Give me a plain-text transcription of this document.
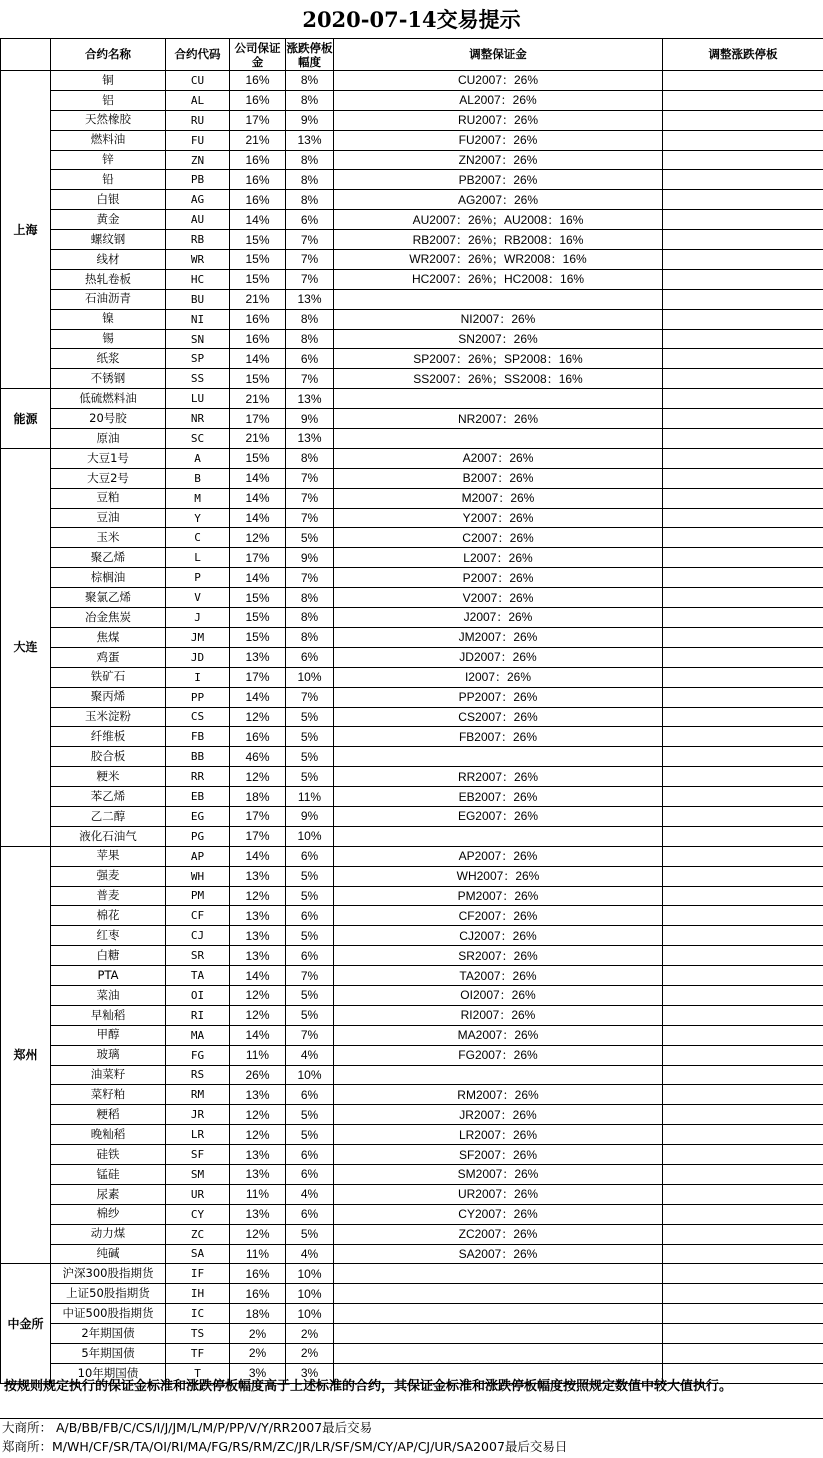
2020-07-14交易提示
	合约名称	合约代码	公司保证金	涨跌停板幅度	调整保证金	调整涨跌停板
上海	铜	CU	16%	8%	CU2007：26%	
	铝	AL	16%	8%	AL2007：26%	
	天然橡胶	RU	17%	9%	RU2007：26%	
	燃料油	FU	21%	13%	FU2007：26%	
	锌	ZN	16%	8%	ZN2007：26%	
	铅	PB	16%	8%	PB2007：26%	
	白银	AG	16%	8%	AG2007：26%	
	黄金	AU	14%	6%	AU2007：26%；AU2008：16%	
	螺纹钢	RB	15%	7%	RB2007：26%；RB2008：16%	
	线材	WR	15%	7%	WR2007：26%；WR2008：16%	
	热轧卷板	HC	15%	7%	HC2007：26%；HC2008：16%	
	石油沥青	BU	21%	13%		
	镍	NI	16%	8%	NI2007：26%	
	锡	SN	16%	8%	SN2007：26%	
	纸浆	SP	14%	6%	SP2007：26%；SP2008：16%	
	不锈钢	SS	15%	7%	SS2007：26%；SS2008：16%	
能源	低硫燃料油	LU	21%	13%		
	20号胶	NR	17%	9%	NR2007：26%	
	原油	SC	21%	13%		
大连	大豆1号	A	15%	8%	A2007：26%	
	大豆2号	B	14%	7%	B2007：26%	
	豆粕	M	14%	7%	M2007：26%	
	豆油	Y	14%	7%	Y2007：26%	
	玉米	C	12%	5%	C2007：26%	
	聚乙烯	L	17%	9%	L2007：26%	
	棕榈油	P	14%	7%	P2007：26%	
	聚氯乙烯	V	15%	8%	V2007：26%	
	冶金焦炭	J	15%	8%	J2007：26%	
	焦煤	JM	15%	8%	JM2007：26%	
	鸡蛋	JD	13%	6%	JD2007：26%	
	铁矿石	I	17%	10%	I2007：26%	
	聚丙烯	PP	14%	7%	PP2007：26%	
	玉米淀粉	CS	12%	5%	CS2007：26%	
	纤维板	FB	16%	5%	FB2007：26%	
	胶合板	BB	46%	5%		
	粳米	RR	12%	5%	RR2007：26%	
	苯乙烯	EB	18%	11%	EB2007：26%	
	乙二醇	EG	17%	9%	EG2007：26%	
	液化石油气	PG	17%	10%		
郑州	苹果	AP	14%	6%	AP2007：26%	
	强麦	WH	13%	5%	WH2007：26%	
	普麦	PM	12%	5%	PM2007：26%	
	棉花	CF	13%	6%	CF2007：26%	
	红枣	CJ	13%	5%	CJ2007：26%	
	白糖	SR	13%	6%	SR2007：26%	
	PTA	TA	14%	7%	TA2007：26%	
	菜油	OI	12%	5%	OI2007：26%	
	早籼稻	RI	12%	5%	RI2007：26%	
	甲醇	MA	14%	7%	MA2007：26%	
	玻璃	FG	11%	4%	FG2007：26%	
	油菜籽	RS	26%	10%		
	菜籽粕	RM	13%	6%	RM2007：26%	
	粳稻	JR	12%	5%	JR2007：26%	
	晚籼稻	LR	12%	5%	LR2007：26%	
	硅铁	SF	13%	6%	SF2007：26%	
	锰硅	SM	13%	6%	SM2007：26%	
	尿素	UR	11%	4%	UR2007：26%	
	棉纱	CY	13%	6%	CY2007：26%	
	动力煤	ZC	12%	5%	ZC2007：26%	
	纯碱	SA	11%	4%	SA2007：26%	
中金所	沪深300股指期货	IF	16%	10%		
	上证50股指期货	IH	16%	10%		
	中证500股指期货	IC	18%	10%		
	2年期国债	TS	2%	2%		
	5年期国债	TF	2%	2%		
	10年期国债	T	3%	3%		
按规则规定执行的保证金标准和涨跌停板幅度高于上述标准的合约，其保证金标准和涨跌停板幅度按照规定数值中较大值执行。
大商所： A/B/BB/FB/C/CS/I/J/JM/L/M/P/PP/V/Y/RR2007最后交易
郑商所：M/WH/CF/SR/TA/OI/RI/MA/FG/RS/RM/ZC/JR/LR/SF/SM/CY/AP/CJ/UR/SA2007最后交易日
